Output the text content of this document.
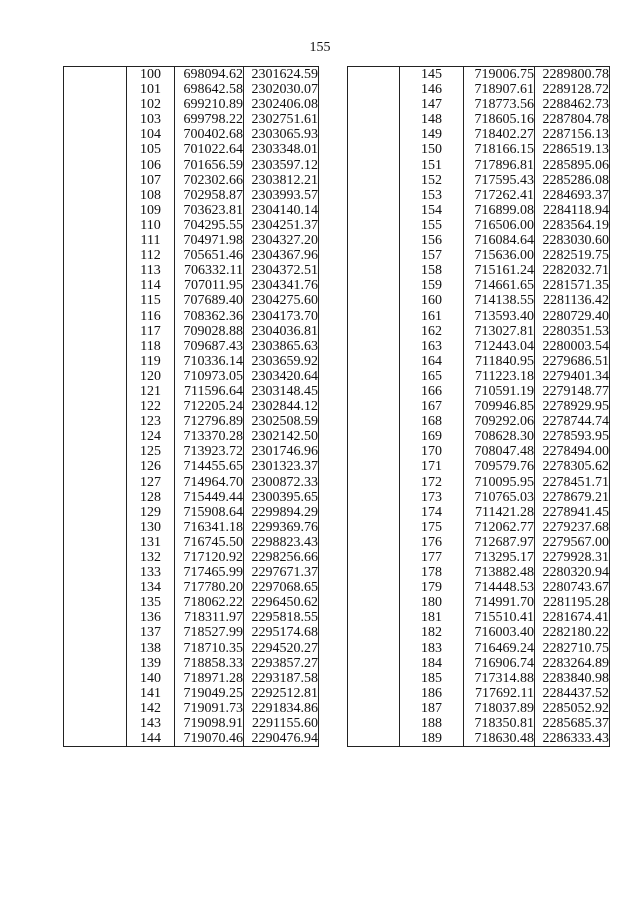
155
	100	698094.62	2301624.59
	101	698642.58	2302030.07
	102	699210.89	2302406.08
	103	699798.22	2302751.61
	104	700402.68	2303065.93
	105	701022.64	2303348.01
	106	701656.59	2303597.12
	107	702302.66	2303812.21
	108	702958.87	2303993.57
	109	703623.81	2304140.14
	110	704295.55	2304251.37
	111	704971.98	2304327.20
	112	705651.46	2304367.96
	113	706332.11	2304372.51
	114	707011.95	2304341.76
	115	707689.40	2304275.60
	116	708362.36	2304173.70
	117	709028.88	2304036.81
	118	709687.43	2303865.63
	119	710336.14	2303659.92
	120	710973.05	2303420.64
	121	711596.64	2303148.45
	122	712205.24	2302844.12
	123	712796.89	2302508.59
	124	713370.28	2302142.50
	125	713923.72	2301746.96
	126	714455.65	2301323.37
	127	714964.70	2300872.33
	128	715449.44	2300395.65
	129	715908.64	2299894.29
	130	716341.18	2299369.76
	131	716745.50	2298823.43
	132	717120.92	2298256.66
	133	717465.99	2297671.37
	134	717780.20	2297068.65
	135	718062.22	2296450.62
	136	718311.97	2295818.55
	137	718527.99	2295174.68
	138	718710.35	2294520.27
	139	718858.33	2293857.27
	140	718971.28	2293187.58
	141	719049.25	2292512.81
	142	719091.73	2291834.86
	143	719098.91	2291155.60
	144	719070.46	2290476.94
	145	719006.75	2289800.78
	146	718907.61	2289128.72
	147	718773.56	2288462.73
	148	718605.16	2287804.78
	149	718402.27	2287156.13
	150	718166.15	2286519.13
	151	717896.81	2285895.06
	152	717595.43	2285286.08
	153	717262.41	2284693.37
	154	716899.08	2284118.94
	155	716506.00	2283564.19
	156	716084.64	2283030.60
	157	715636.00	2282519.75
	158	715161.24	2282032.71
	159	714661.65	2281571.35
	160	714138.55	2281136.42
	161	713593.40	2280729.40
	162	713027.81	2280351.53
	163	712443.04	2280003.54
	164	711840.95	2279686.51
	165	711223.18	2279401.34
	166	710591.19	2279148.77
	167	709946.85	2278929.95
	168	709292.06	2278744.74
	169	708628.30	2278593.95
	170	708047.48	2278494.00
	171	709579.76	2278305.62
	172	710095.95	2278451.71
	173	710765.03	2278679.21
	174	711421.28	2278941.45
	175	712062.77	2279237.68
	176	712687.97	2279567.00
	177	713295.17	2279928.31
	178	713882.48	2280320.94
	179	714448.53	2280743.67
	180	714991.70	2281195.28
	181	715510.41	2281674.41
	182	716003.40	2282180.22
	183	716469.24	2282710.75
	184	716906.74	2283264.89
	185	717314.88	2283840.98
	186	717692.11	2284437.52
	187	718037.89	2285052.92
	188	718350.81	2285685.37
	189	718630.48	2286333.43
